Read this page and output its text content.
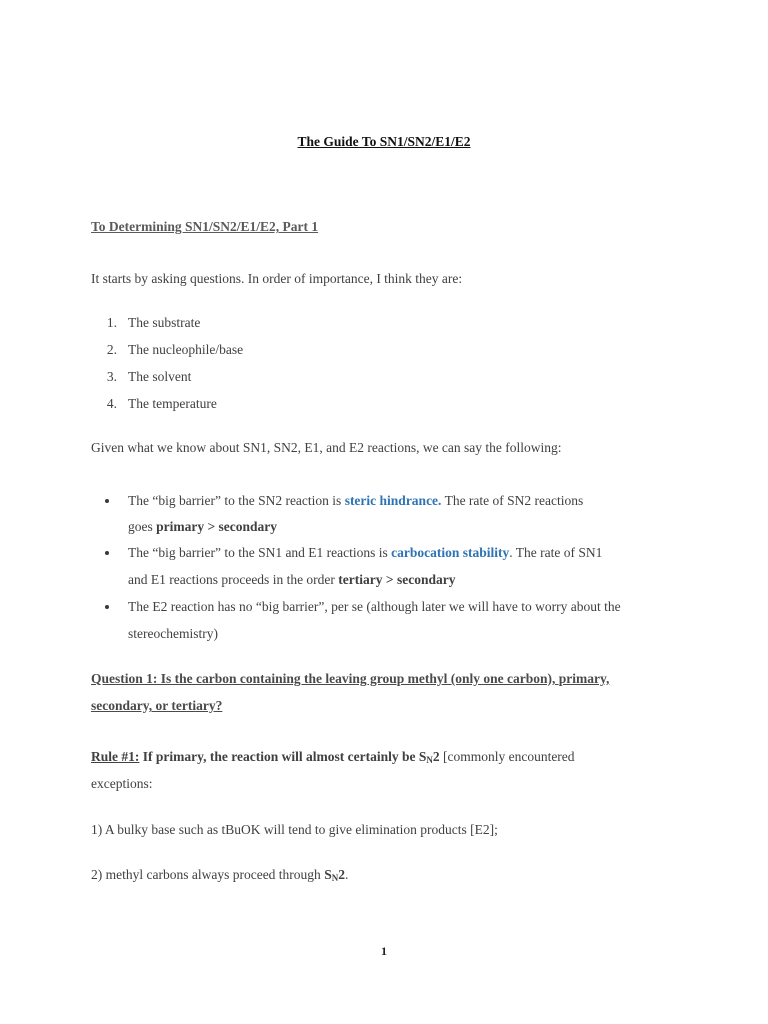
The Guide To SN1/SN2/E1/E2
To Determining SN1/SN2/E1/E2, Part 1
It starts by asking questions. In order of importance, I think they are:
1. The substrate
2. The nucleophile/base
3. The solvent
4. The temperature
Given what we know about SN1, SN2, E1, and E2 reactions, we can say the following:
The “big barrier” to the SN2 reaction is steric hindrance. The rate of SN2 reactions
goes primary > secondary
The “big barrier” to the SN1 and E1 reactions is carbocation stability. The rate of SN1
and E1 reactions proceeds in the order tertiary > secondary
The E2 reaction has no “big barrier”, per se (although later we will have to worry about the
stereochemistry)
Question 1: Is the carbon containing the leaving group methyl (only one carbon), primary,
secondary, or tertiary?
Rule #1: If primary, the reaction will almost certainly be $S_N2$ [commonly encountered
exceptions:
1) A bulky base such as tBuOK will tend to give elimination products [E2];
2) methyl carbons always proceed through $S_N2$.
1
